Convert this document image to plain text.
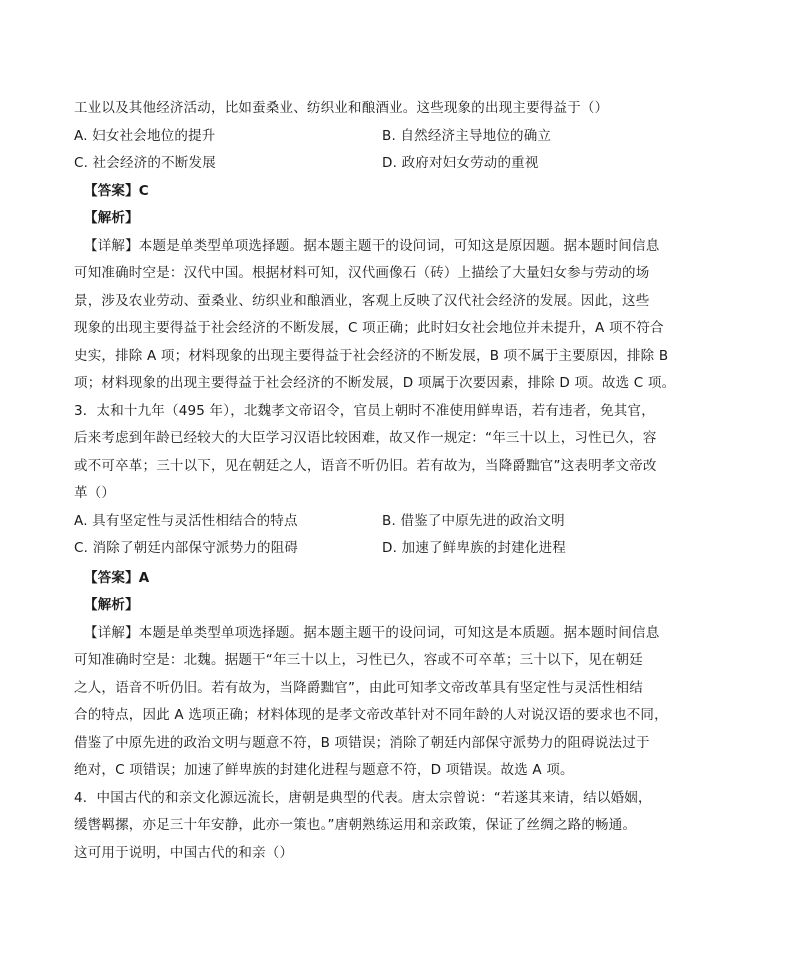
工业以及其他经济活动，比如蚕桑业、纺织业和酿酒业。这些现象的出现主要得益于（）
A. 妇女社会地位的提升	B. 自然经济主导地位的确立
C. 社会经济的不断发展	D. 政府对妇女劳动的重视
【答案】C
【解析】
【详解】本题是单类型单项选择题。据本题主题干的设问词，可知这是原因题。据本题时间信息
可知准确时空是：汉代中国。根据材料可知，汉代画像石（砖）上描绘了大量妇女参与劳动的场
景，涉及农业劳动、蚕桑业、纺织业和酿酒业，客观上反映了汉代社会经济的发展。因此，这些
现象的出现主要得益于社会经济的不断发展，C 项正确；此时妇女社会地位并未提升，A 项不符合
史实，排除 A 项；材料现象的出现主要得益于社会经济的不断发展，B 项不属于主要原因，排除 B
项；材料现象的出现主要得益于社会经济的不断发展，D 项属于次要因素，排除 D 项。故选 C 项。
3．太和十九年（495 年），北魏孝文帝诏令，官员上朝时不准使用鲜卑语，若有违者，免其官，
后来考虑到年龄已经较大的大臣学习汉语比较困难，故又作一规定：“年三十以上，习性已久，容
或不可卒革；三十以下，见在朝廷之人，语音不听仍旧。若有故为，当降爵黜官”这表明孝文帝改
革（）
A. 具有坚定性与灵活性相结合的特点	B. 借鉴了中原先进的政治文明
C. 消除了朝廷内部保守派势力的阻碍	D. 加速了鲜卑族的封建化进程
【答案】A
【解析】
【详解】本题是单类型单项选择题。据本题主题干的设问词，可知这是本质题。据本题时间信息
可知准确时空是：北魏。据题干“年三十以上，习性已久，容或不可卒革；三十以下，见在朝廷
之人，语音不听仍旧。若有故为，当降爵黜官”，由此可知孝文帝改革具有坚定性与灵活性相结
合的特点，因此 A 选项正确；材料体现的是孝文帝改革针对不同年龄的人对说汉语的要求也不同，
借鉴了中原先进的政治文明与题意不符，B 项错误；消除了朝廷内部保守派势力的阻碍说法过于
绝对，C 项错误；加速了鲜卑族的封建化进程与题意不符，D 项错误。故选 A 项。
4．中国古代的和亲文化源远流长，唐朝是典型的代表。唐太宗曾说：“若遂其来请，结以婚姻，
缓辔羁摞，亦足三十年安静，此亦一策也。”唐朝熟练运用和亲政策，保证了丝绸之路的畅通。
这可用于说明，中国古代的和亲（）
